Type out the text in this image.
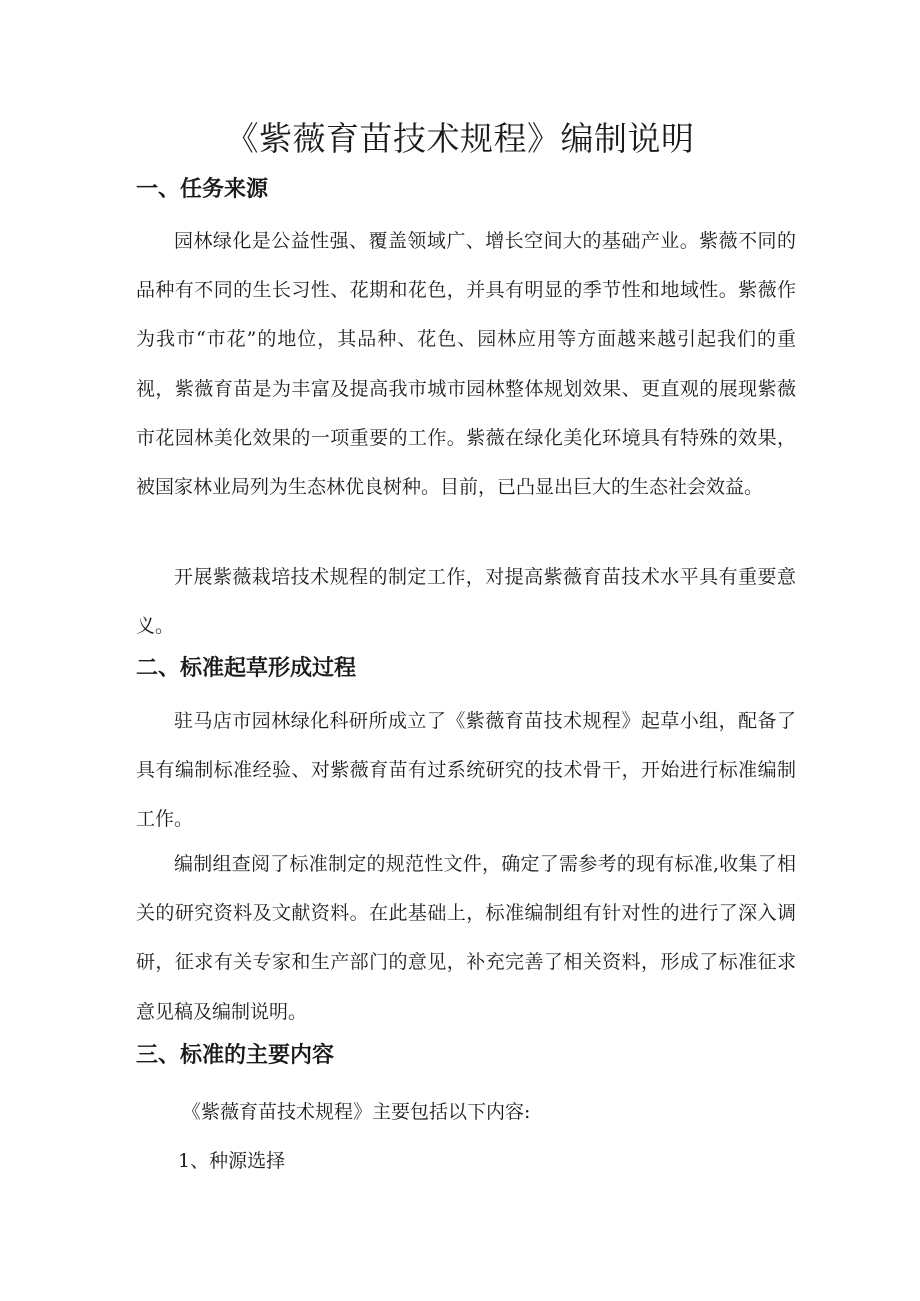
《紫薇育苗技术规程》编制说明
一、任务来源

园林绿化是公益性强、覆盖领域广、增长空间大的基础产业。紫薇不同的品种有不同的生长习性、花期和花色，并具有明显的季节性和地域性。紫薇作为我市“市花”的地位，其品种、花色、园林应用等方面越来越引起我们的重视，紫薇育苗是为丰富及提高我市城市园林整体规划效果、更直观的展现紫薇市花园林美化效果的一项重要的工作。紫薇在绿化美化环境具有特殊的效果，被国家林业局列为生态林优良树种。目前，已凸显出巨大的生态社会效益。

开展紫薇栽培技术规程的制定工作，对提高紫薇育苗技术水平具有重要意义。

二、标准起草形成过程

驻马店市园林绿化科研所成立了《紫薇育苗技术规程》起草小组，配备了具有编制标准经验、对紫薇育苗有过系统研究的技术骨干，开始进行标准编制工作。

编制组查阅了标准制定的规范性文件，确定了需参考的现有标准,收集了相关的研究资料及文献资料。在此基础上，标准编制组有针对性的进行了深入调研，征求有关专家和生产部门的意见，补充完善了相关资料，形成了标准征求意见稿及编制说明。

三、标准的主要内容

《紫薇育苗技术规程》主要包括以下内容:

1、种源选择
